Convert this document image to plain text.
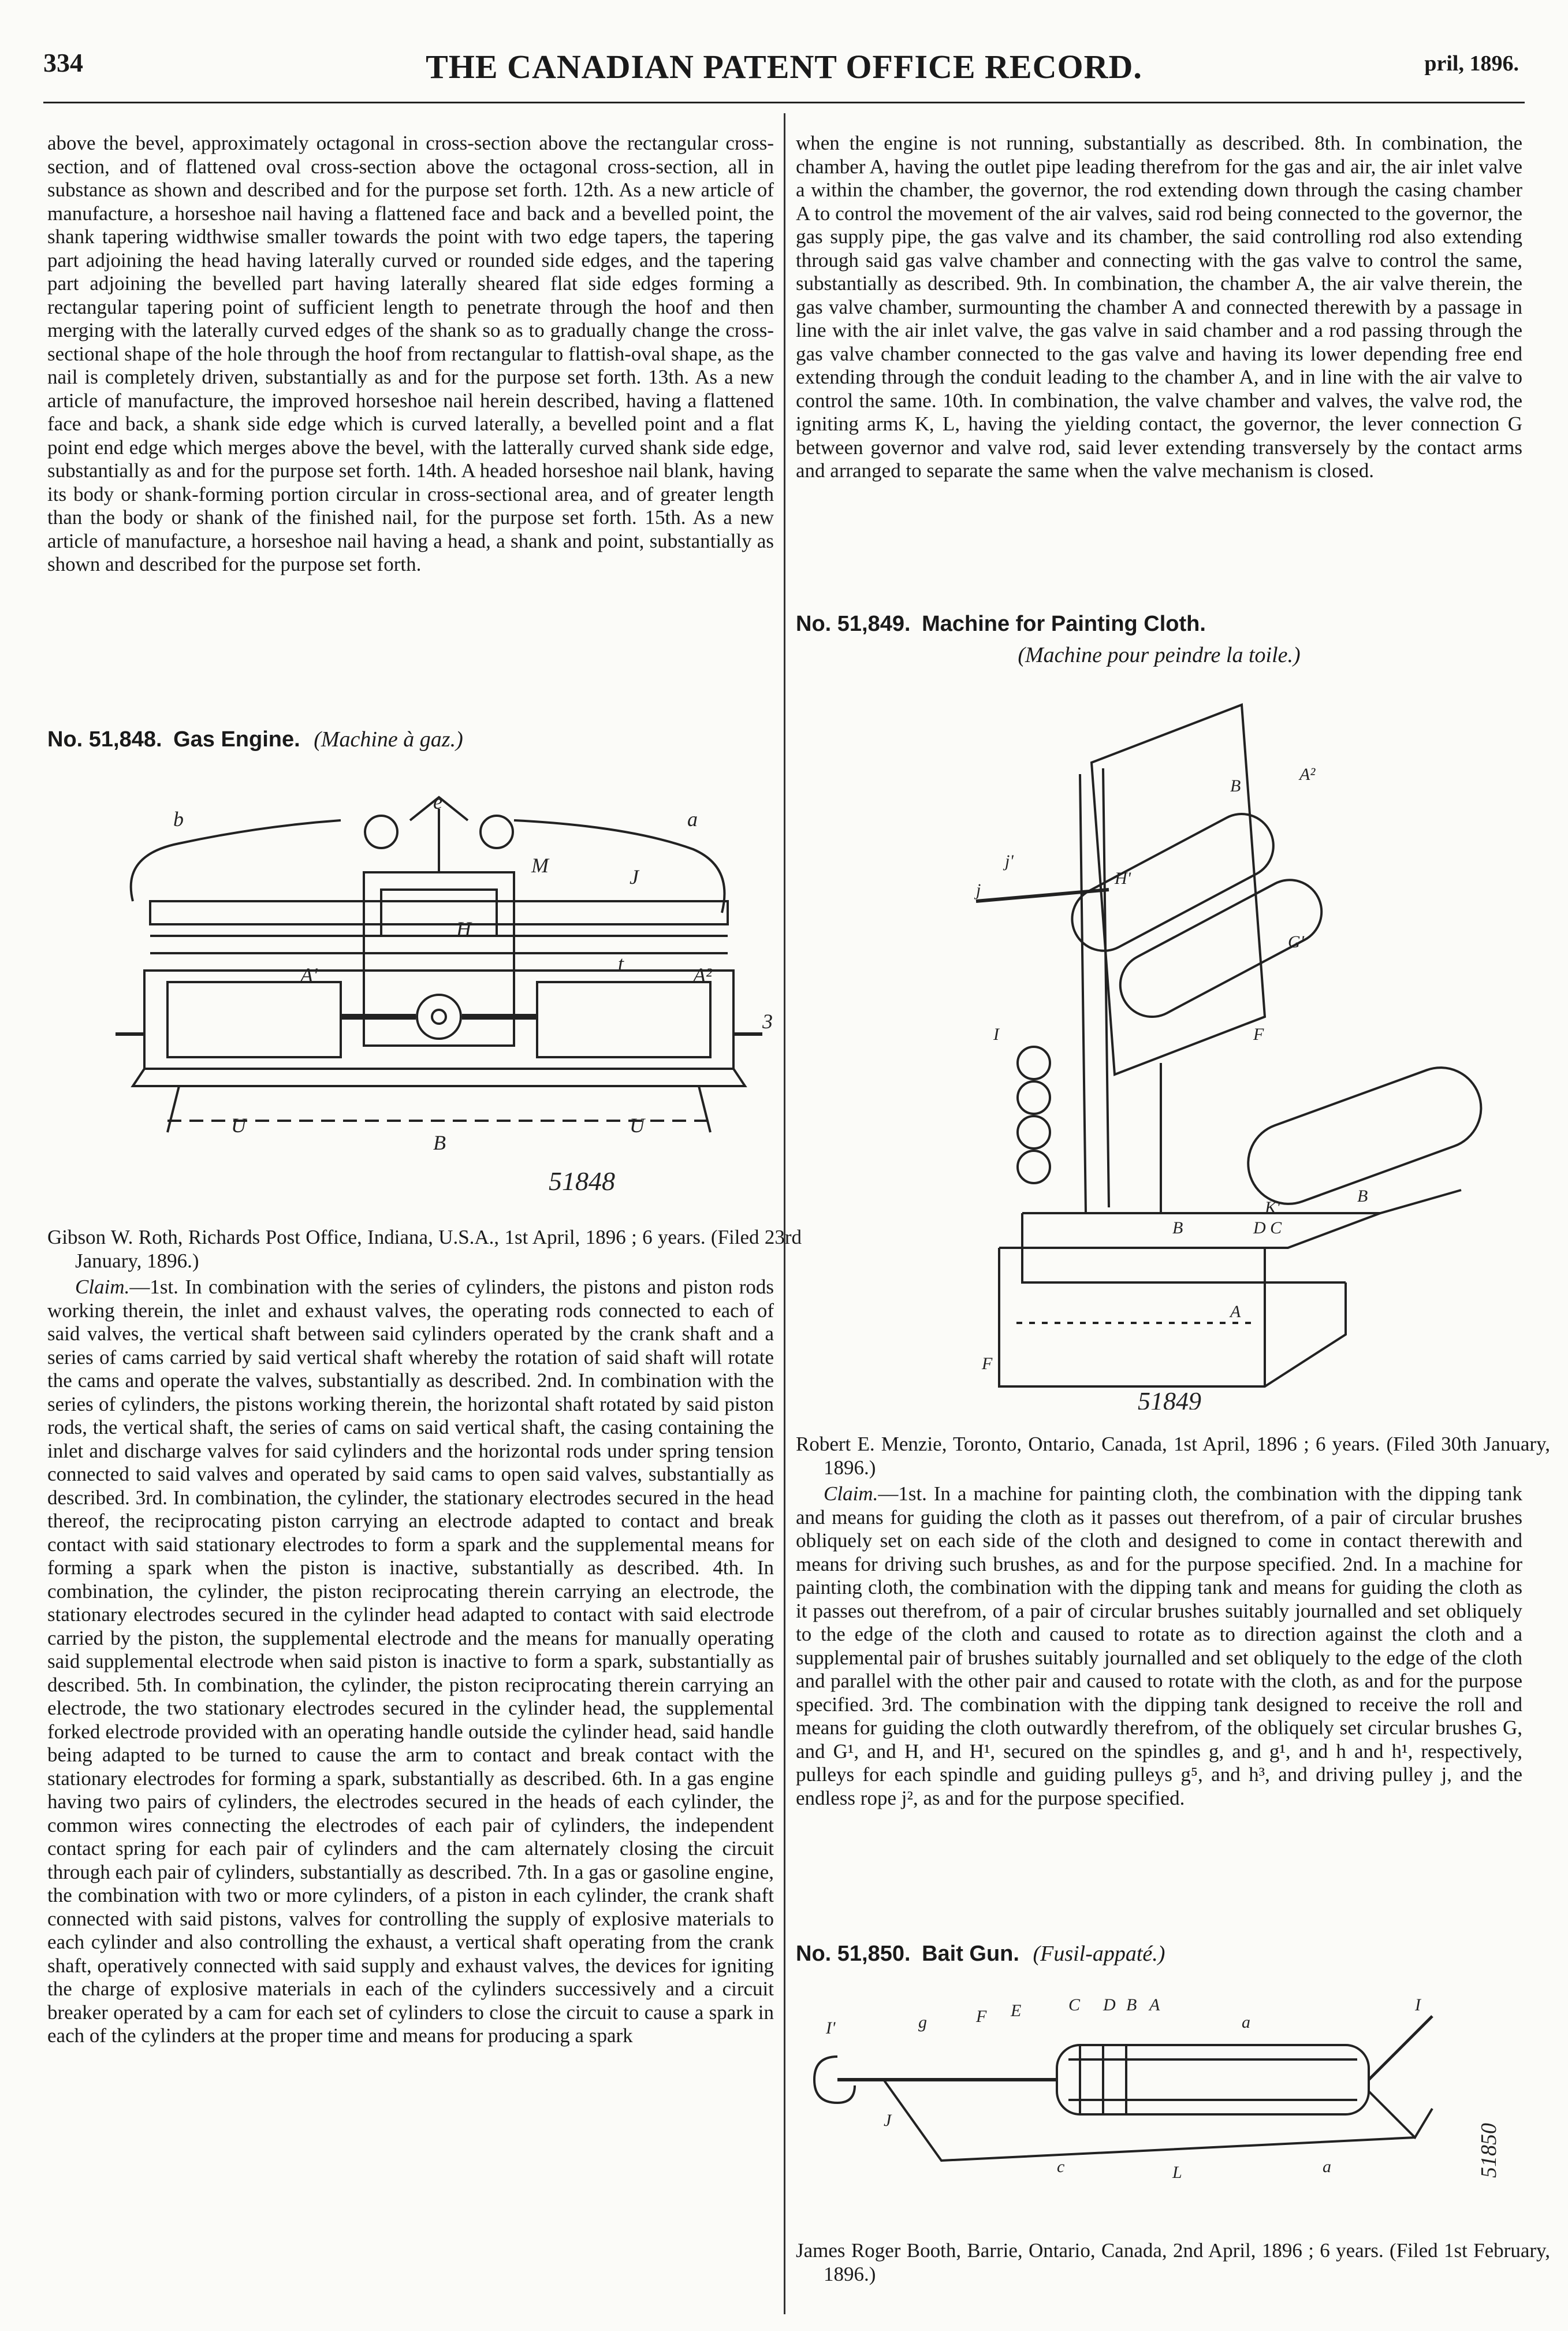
334	THE CANADIAN PATENT OFFICE RECORD.	pril, 1896.

above the bevel, approximately octagonal in cross-section above the rectangular cross-section, and of flattened oval cross-section above the octagonal cross-section, all in substance as shown and described and for the purpose set forth. 12th. As a new article of manufacture, a horseshoe nail having a flattened face and back and a bevelled point, the shank tapering widthwise smaller towards the point with two edge tapers, the tapering part adjoining the head having laterally curved or rounded side edges, and the tapering part adjoining the bevelled part having laterally sheared flat side edges forming a rectangular tapering point of sufficient length to penetrate through the hoof and then merging with the laterally curved edges of the shank so as to gradually change the cross-sectional shape of the hole through the hoof from rectangular to flattish-oval shape, as the nail is completely driven, substantially as and for the purpose set forth. 13th. As a new article of manufacture, the improved horseshoe nail herein described, having a flattened face and back, a shank side edge which is curved laterally, a bevelled point and a flat point end edge which merges above the bevel, with the latterally curved shank side edge, substantially as and for the purpose set forth. 14th. A headed horseshoe nail blank, having its body or shank-forming portion circular in cross-sectional area, and of greater length than the body or shank of the finished nail, for the purpose set forth. 15th. As a new article of manufacture, a horseshoe nail having a head, a shank and point, substantially as shown and described for the purpose set forth.

No. 51,848. Gas Engine. (Machine à gaz.)
b	a
e
M	J
H
A'	t	A²
3
U	U
B
51848

Gibson W. Roth, Richards Post Office, Indiana, U.S.A., 1st April, 1896 ; 6 years. (Filed 23rd January, 1896.)

Claim.—1st. In combination with the series of cylinders, the pistons and piston rods working therein, the inlet and exhaust valves, the operating rods connected to each of said valves, the vertical shaft between said cylinders operated by the crank shaft and a series of cams carried by said vertical shaft whereby the rotation of said shaft will rotate the cams and operate the valves, substantially as described. 2nd. In combination with the series of cylinders, the pistons working therein, the horizontal shaft rotated by said piston rods, the vertical shaft, the series of cams on said vertical shaft, the casing containing the inlet and discharge valves for said cylinders and the horizontal rods under spring tension connected to said valves and operated by said cams to open said valves, substantially as described. 3rd. In combination, the cylinder, the stationary electrodes secured in the head thereof, the reciprocating piston carrying an electrode adapted to contact and break contact with said stationary electrodes to form a spark and the supplemental means for forming a spark when the piston is inactive, substantially as described. 4th. In combination, the cylinder, the piston reciprocating therein carrying an electrode, the stationary electrodes secured in the cylinder head adapted to contact with said electrode carried by the piston, the supplemental electrode and the means for manually operating said supplemental electrode when said piston is inactive to form a spark, substantially as described. 5th. In combination, the cylinder, the piston reciprocating therein carrying an electrode, the two stationary electrodes secured in the cylinder head, the supplemental forked electrode provided with an operating handle outside the cylinder head, said handle being adapted to be turned to cause the arm to contact and break contact with the stationary electrodes for forming a spark, substantially as described. 6th. In a gas engine having two pairs of cylinders, the electrodes secured in the heads of each cylinder, the common wires connecting the electrodes of each pair of cylinders, the independent contact spring for each pair of cylinders and the cam alternately closing the circuit through each pair of cylinders, substantially as described. 7th. In a gas or gasoline engine, the combination with two or more cylinders, of a piston in each cylinder, the crank shaft connected with said pistons, valves for controlling the supply of explosive materials to each cylinder and also controlling the exhaust, a vertical shaft operating from the crank shaft, operatively connected with said supply and exhaust valves, the devices for igniting the charge of explosive materials in each of the cylinders successively and a circuit breaker operated by a cam for each set of cylinders to close the circuit to cause a spark in each of the cylinders at the proper time and means for producing a spark

when the engine is not running, substantially as described. 8th. In combination, the chamber A, having the outlet pipe leading therefrom for the gas and air, the air inlet valve a within the chamber, the governor, the rod extending down through the casing chamber A to control the movement of the air valves, said rod being connected to the governor, the gas supply pipe, the gas valve and its chamber, the said controlling rod also extending through said gas valve chamber and connecting with the gas valve to control the same, substantially as described. 9th. In combination, the chamber A, the air valve therein, the gas valve chamber, surmounting the chamber A and connected therewith by a passage in line with the air inlet valve, the gas valve in said chamber and a rod passing through the gas valve chamber connected to the gas valve and having its lower depending free end extending through the conduit leading to the chamber A, and in line with the air valve to control the same. 10th. In combination, the valve chamber and valves, the valve rod, the igniting arms K, L, having the yielding contact, the governor, the lever connection G between governor and valve rod, said lever extending transversely by the contact arms and arranged to separate the same when the valve mechanism is closed.

No. 51,849. Machine for Painting Cloth.
(Machine pour peindre la toile.)
j
j'
B
A²
H'
G'
F
I
K'
B	D C
B
A
F
51849

Robert E. Menzie, Toronto, Ontario, Canada, 1st April, 1896 ; 6 years. (Filed 30th January, 1896.)

Claim.—1st. In a machine for painting cloth, the combination with the dipping tank and means for guiding the cloth as it passes out therefrom, of a pair of circular brushes obliquely set on each side of the cloth and designed to come in contact therewith and means for driving such brushes, as and for the purpose specified. 2nd. In a machine for painting cloth, the combination with the dipping tank and means for guiding the cloth as it passes out therefrom, of a pair of circular brushes suitably journalled and set obliquely to the edge of the cloth and caused to rotate as to direction against the cloth and a supplemental pair of brushes suitably journalled and set obliquely to the edge of the cloth and parallel with the other pair and caused to rotate with the cloth, as and for the purpose specified. 3rd. The combination with the dipping tank designed to receive the roll and means for guiding the cloth outwardly therefrom, of the obliquely set circular brushes G, and G¹, and H, and H¹, secured on the spindles g, and g¹, and h and h¹, respectively, pulleys for each spindle and guiding pulleys g⁵, and h³, and driving pulley j, and the endless rope j², as and for the purpose specified.

No. 51,850. Bait Gun. (Fusil-appaté.)
I'	g	F E	C D B A
a
I
J
c	a
L	51850

James Roger Booth, Barrie, Ontario, Canada, 2nd April, 1896 ; 6 years. (Filed 1st February, 1896.)
